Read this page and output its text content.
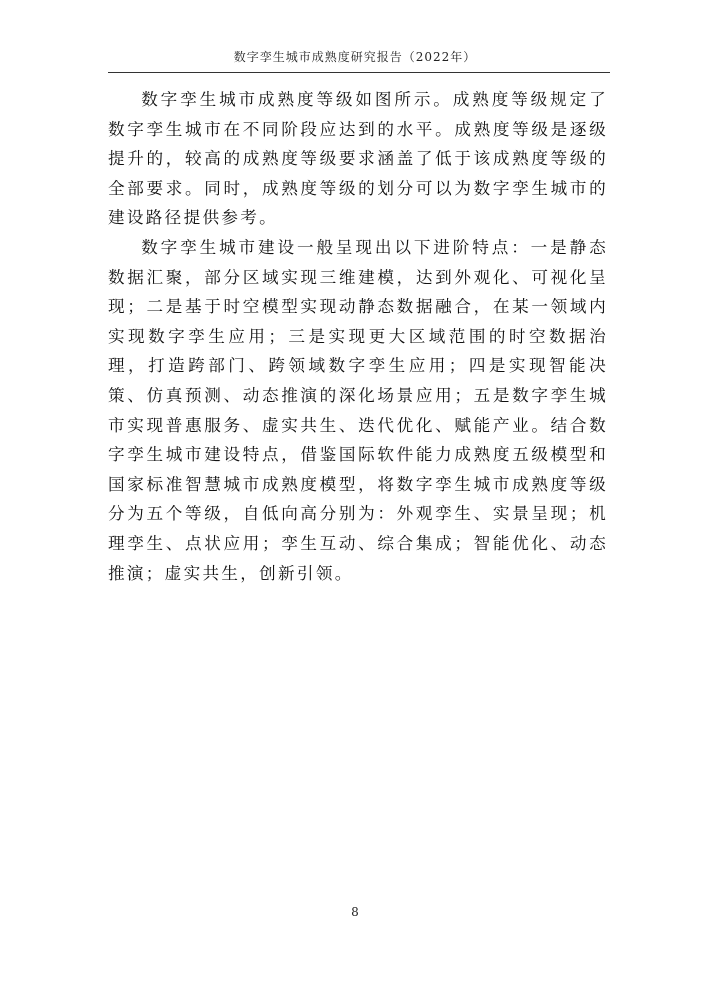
数字孪生城市成熟度研究报告（2022年）

数字孪生城市成熟度等级如图所示。成熟度等级规定了数字孪生城市在不同阶段应达到的水平。成熟度等级是逐级提升的，较高的成熟度等级要求涵盖了低于该成熟度等级的全部要求。同时，成熟度等级的划分可以为数字孪生城市的建设路径提供参考。

数字孪生城市建设一般呈现出以下进阶特点：一是静态数据汇聚，部分区域实现三维建模，达到外观化、可视化呈现；二是基于时空模型实现动静态数据融合，在某一领域内实现数字孪生应用；三是实现更大区域范围的时空数据治理，打造跨部门、跨领域数字孪生应用；四是实现智能决策、仿真预测、动态推演的深化场景应用；五是数字孪生城市实现普惠服务、虚实共生、迭代优化、赋能产业。结合数字孪生城市建设特点，借鉴国际软件能力成熟度五级模型和国家标准智慧城市成熟度模型，将数字孪生城市成熟度等级分为五个等级，自低向高分别为：外观孪生、实景呈现；机理孪生、点状应用；孪生互动、综合集成；智能优化、动态推演；虚实共生，创新引领。

8
